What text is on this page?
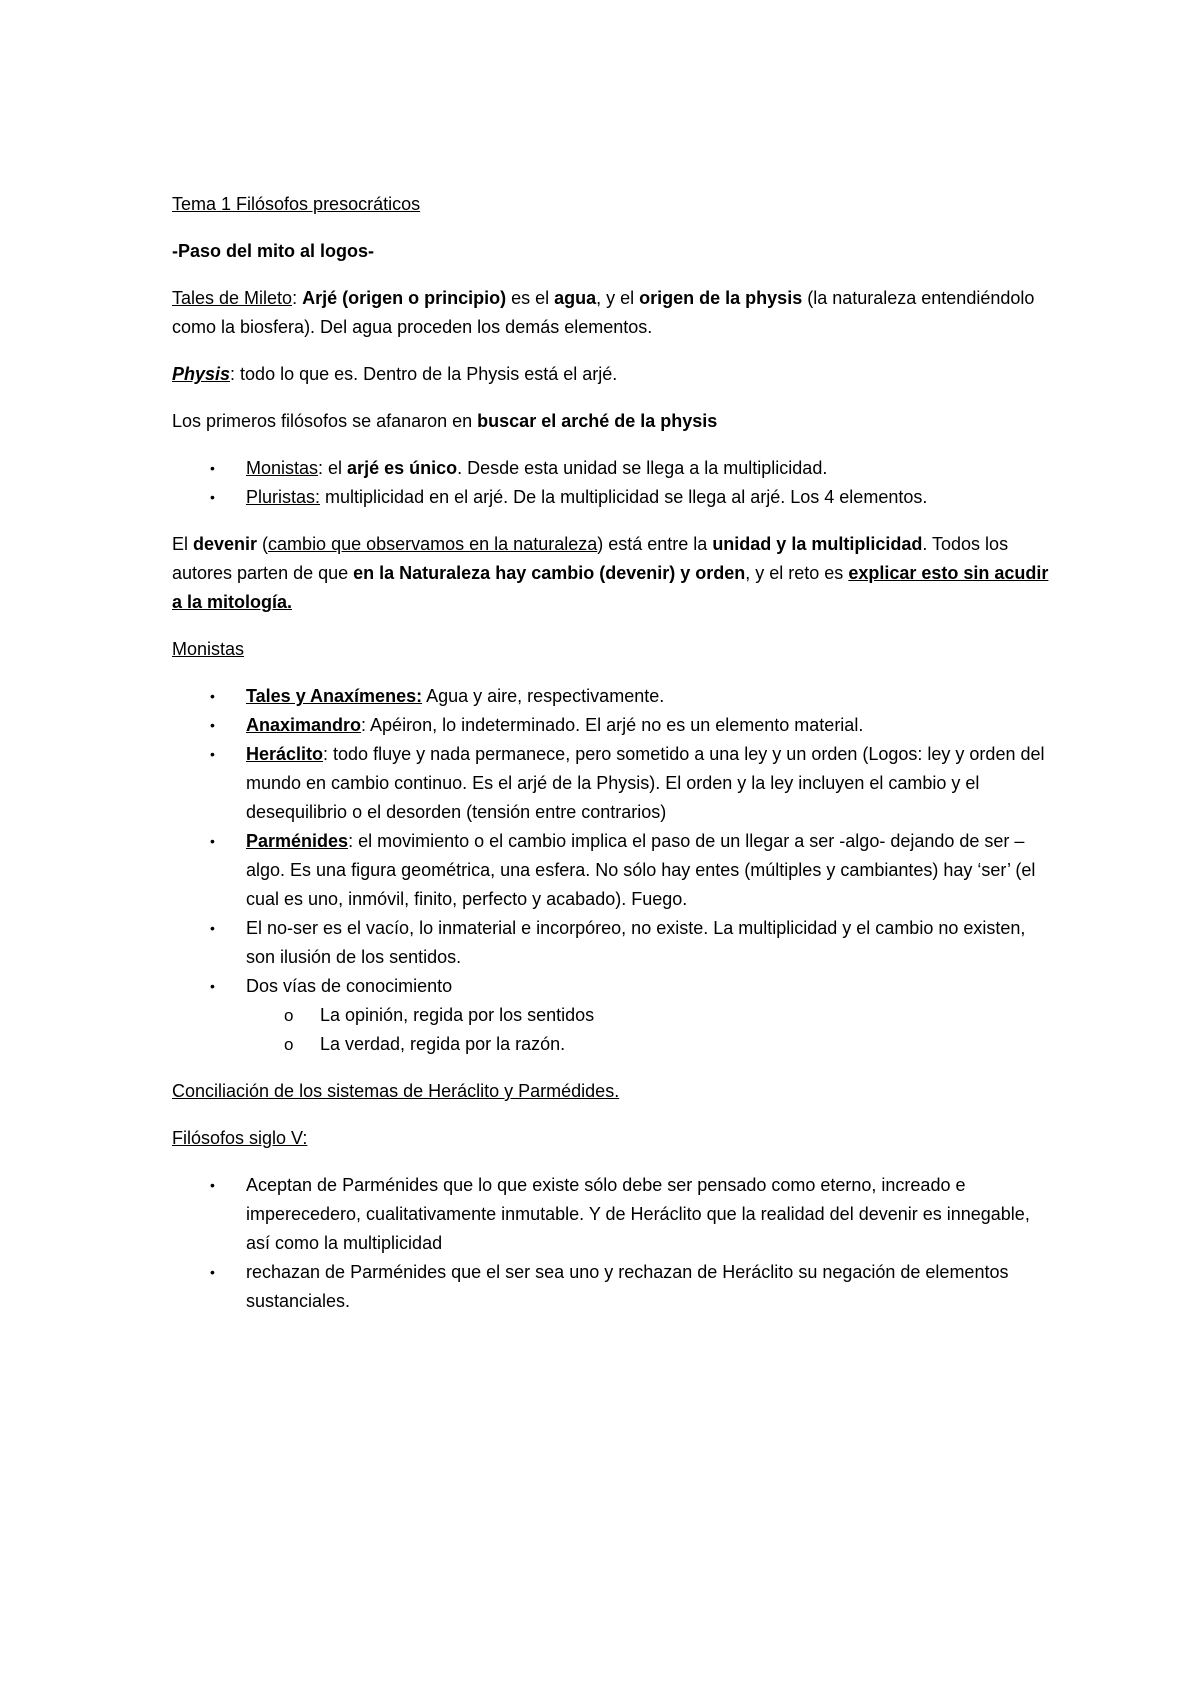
Tema 1 Filósofos presocráticos
-Paso del mito al logos-
Tales de Mileto: Arjé (origen o principio) es el agua, y el origen de la physis (la naturaleza entendiéndolo como la biosfera). Del agua proceden los demás elementos.
Physis: todo lo que es. Dentro de la Physis está el arjé.
Los primeros filósofos se afanaron en buscar el arché de la physis
• Monistas: el arjé es único. Desde esta unidad se llega a la multiplicidad.
• Pluristas: multiplicidad en el arjé. De la multiplicidad se llega al arjé. Los 4 elementos.
El devenir (cambio que observamos en la naturaleza) está entre la unidad y la multiplicidad. Todos los autores parten de que en la Naturaleza hay cambio (devenir) y orden, y el reto es explicar esto sin acudir a la mitología.
Monistas
• Tales y Anaxímenes: Agua y aire, respectivamente.
• Anaximandro: Apéiron, lo indeterminado. El arjé no es un elemento material.
• Heráclito: todo fluye y nada permanece, pero sometido a una ley y un orden (Logos: ley y orden del mundo en cambio continuo. Es el arjé de la Physis). El orden y la ley incluyen el cambio y el desequilibrio o el desorden (tensión entre contrarios)
• Parménides: el movimiento o el cambio implica el paso de un llegar a ser -algo- dejando de ser –algo. Es una figura geométrica, una esfera. No sólo hay entes (múltiples y cambiantes) hay ‘ser’ (el cual es uno, inmóvil, finito, perfecto y acabado). Fuego.
• El no-ser es el vacío, lo inmaterial e incorpóreo, no existe. La multiplicidad y el cambio no existen, son ilusión de los sentidos.
• Dos vías de conocimiento
o La opinión, regida por los sentidos
o La verdad, regida por la razón.
Conciliación de los sistemas de Heráclito y Parmédides.
Filósofos siglo V:
• Aceptan de Parménides que lo que existe sólo debe ser pensado como eterno, increado e imperecedero, cualitativamente inmutable. Y de Heráclito que la realidad del devenir es innegable, así como la multiplicidad
• rechazan de Parménides que el ser sea uno y rechazan de Heráclito su negación de elementos sustanciales.
